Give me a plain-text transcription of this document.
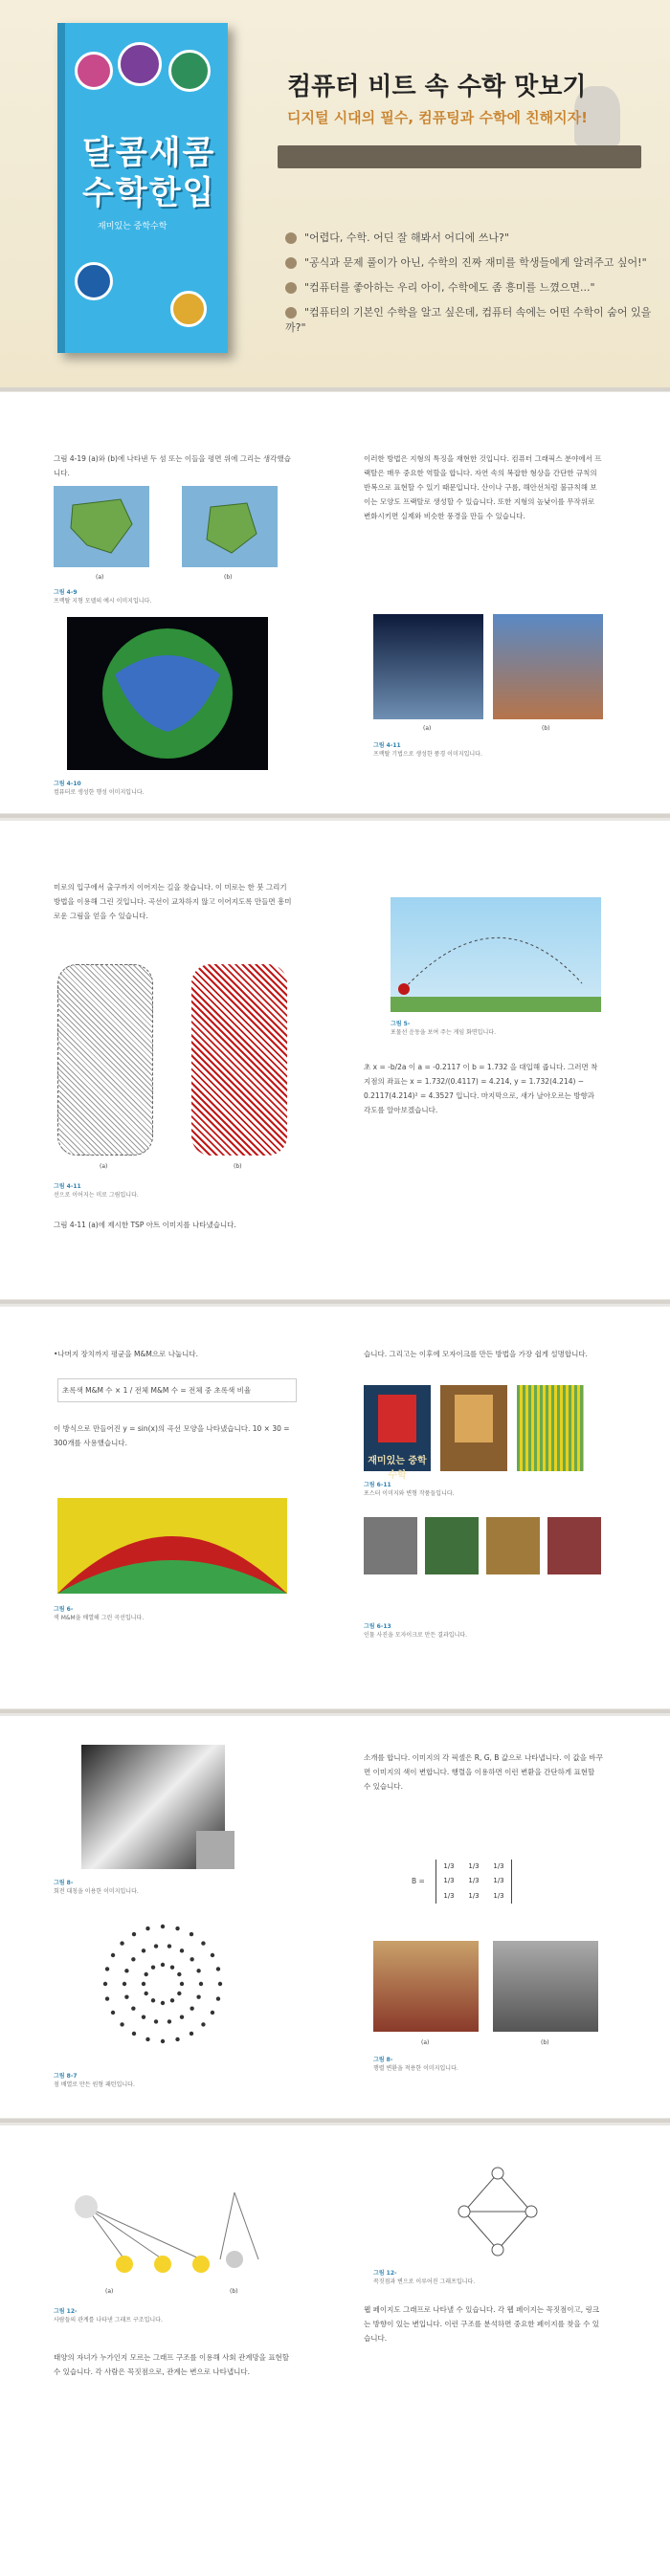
달콤새콤
수학한입
재미있는 중학수학
컴퓨터 비트 속 수학 맛보기
디지털 시대의 필수, 컴퓨팅과 수학에 친해지자!
"어렵다, 수학. 어딘 잘 해봐서 어디에 쓰나?"
"공식과 문제 풀이가 아닌, 수학의 진짜 재미를 학생들에게 알려주고 싶어!"
"컴퓨터를 좋아하는 우리 아이, 수학에도 좀 흥미를 느꼈으면..."
"컴퓨터의 기본인 수학을 알고 싶은데, 컴퓨터 속에는 어떤 수학이 숨어 있을까?"
그림 4-19 (a)와 (b)에 나타낸 두 섬 또는 이들을 평면 위에 그리는 생각했습니다.
(a)	(b)
그림 4-9
프랙탈 지형 모델의 예시 이미지입니다.
그림 4-10
컴퓨터로 생성한 행성 이미지입니다.
이러한 방법은 지형의 특징을 재현한 것입니다. 컴퓨터 그래픽스 분야에서 프랙탈은 매우 중요한 역할을 합니다. 자연 속의 복잡한 형상을 간단한 규칙의 반복으로 표현할 수 있기 때문입니다. 산이나 구름, 해안선처럼 불규칙해 보이는 모양도 프랙탈로 생성할 수 있습니다. 또한 지형의 높낮이를 무작위로 변화시키면 실제와 비슷한 풍경을 만들 수 있습니다.
(a)	(b)
그림 4-11
프랙탈 기법으로 생성한 풍경 이미지입니다.
미로의 입구에서 출구까지 이어지는 길을 찾습니다. 이 미로는 한 붓 그리기 방법을 이용해 그린 것입니다. 곡선이 교차하지 않고 이어지도록 만들면 흥미로운 그림을 얻을 수 있습니다.
(a)	(b)
그림 4-11
선으로 이어지는 미로 그림입니다.
그림 4-11 (a)에 제시한 TSP 아트 이미지를 나타냈습니다.
그림 5-
포물선 운동을 보여 주는 게임 화면입니다.
초 x = -b/2a 이 a = -0.2117 이 b = 1.732 을 대입해 줍니다. 그러면 착지점의 좌표는 x = 1.732/(0.4117) = 4.214, y = 1.732(4.214) − 0.2117(4.214)² = 4.3527 입니다. 마지막으로, 새가 날아오르는 방향과 각도를 알아보겠습니다.
•나머지 장치까지 평균을 M&M으로 나눕니다.
초록색 M&M 수 × 1 / 전체 M&M 수 = 전체 중 초록색 비율
이 방식으로 만들어진 y = sin(x)의 곡선 모양을 나타냈습니다. 10 × 30 = 300개를 사용했습니다.
그림 6-
색 M&M을 배열해 그린 곡선입니다.
습니다. 그리고는 이후에 모자이크를 만든 방법을 가장 쉽게 설명합니다.
재미있는 중학수학
그림 6-11
포스터 이미지와 변형 작품들입니다.
그림 6-13
인물 사진을 모자이크로 만든 결과입니다.
그림 8-
회전 대칭을 이용한 이미지입니다.
그림 8-7
점 배열로 만든 원형 패턴입니다.
소개를 합니다. 이미지의 각 픽셀은 R, G, B 값으로 나타냅니다. 이 값을 바꾸면 이미지의 색이 변합니다. 행렬을 이용하면 이런 변환을 간단하게 표현할 수 있습니다.
B =
1/3	1/3	1/3
1/3	1/3	1/3
1/3	1/3	1/3
(a)	(b)
그림 8-
행렬 변환을 적용한 이미지입니다.
(a)	(b)
그림 12-
사람들의 관계를 나타낸 그래프 구조입니다.
태양의 자녀가 누가인지 모르는 그래프 구조를 이용해 사회 관계망을 표현할 수 있습니다. 각 사람은 꼭짓점으로, 관계는 변으로 나타냅니다.
그림 12-
꼭짓점과 변으로 이루어진 그래프입니다.
웹 페이지도 그래프로 나타낼 수 있습니다. 각 웹 페이지는 꼭짓점이고, 링크는 방향이 있는 변입니다. 이런 구조를 분석하면 중요한 페이지를 찾을 수 있습니다.
